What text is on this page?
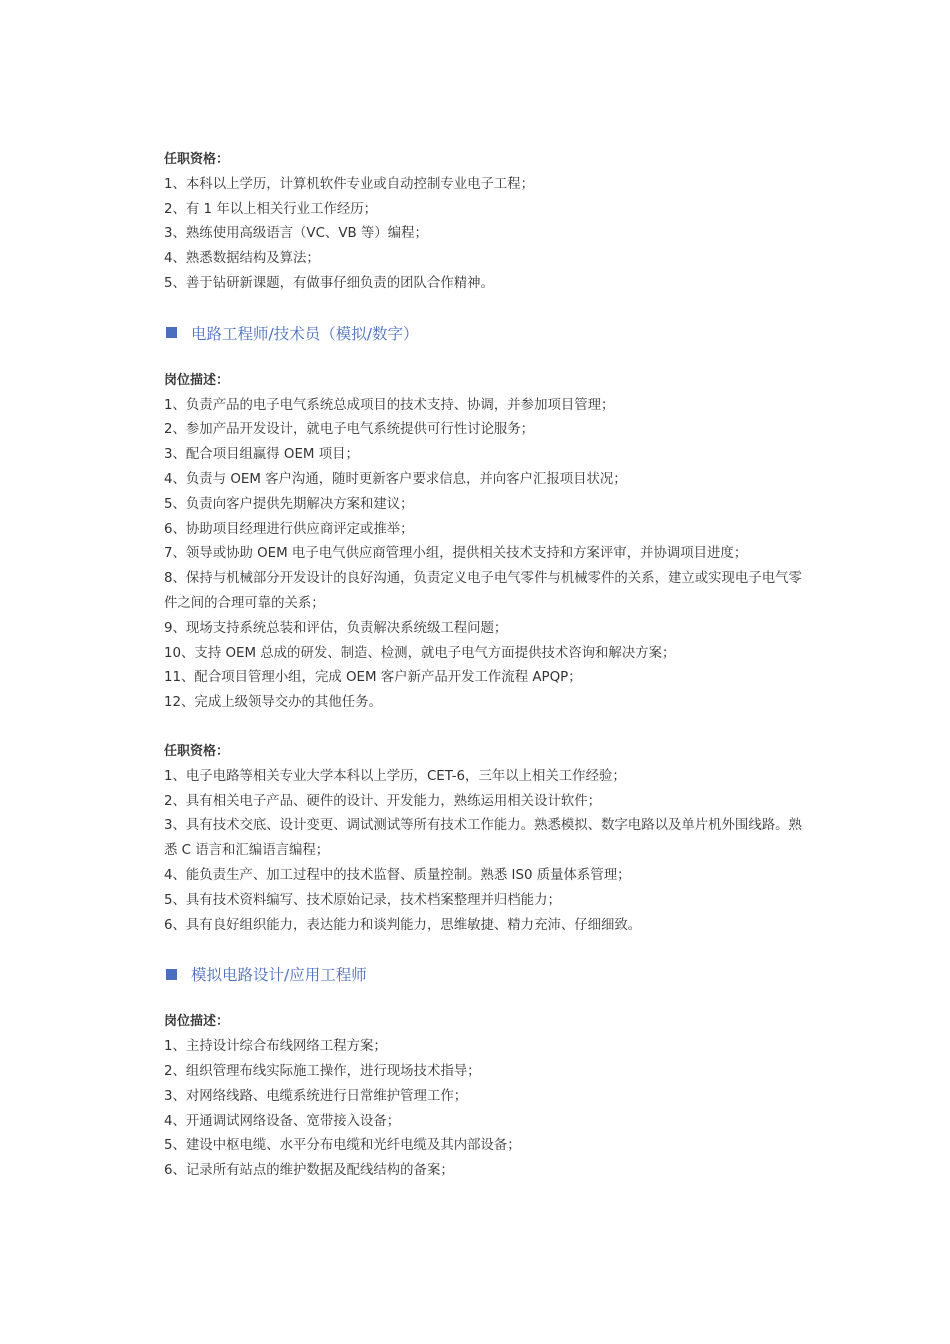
任职资格：
1、本科以上学历，计算机软件专业或自动控制专业电子工程；
2、有 1 年以上相关行业工作经历；
3、熟练使用高级语言（VC、VB 等）编程；
4、熟悉数据结构及算法；
5、善于钻研新课题，有做事仔细负责的团队合作精神。
电路工程师/技术员（模拟/数字）
岗位描述：
1、负责产品的电子电气系统总成项目的技术支持、协调，并参加项目管理；
2、参加产品开发设计，就电子电气系统提供可行性讨论服务；
3、配合项目组赢得 OEM 项目；
4、负责与 OEM 客户沟通，随时更新客户要求信息，并向客户汇报项目状况；
5、负责向客户提供先期解决方案和建议；
6、协助项目经理进行供应商评定或推举；
7、领导或协助 OEM 电子电气供应商管理小组，提供相关技术支持和方案评审，并协调项目进度；
8、保持与机械部分开发设计的良好沟通，负责定义电子电气零件与机械零件的关系，建立或实现电子电气零件之间的合理可靠的关系；
9、现场支持系统总装和评估，负责解决系统级工程问题；
10、支持 OEM 总成的研发、制造、检测，就电子电气方面提供技术咨询和解决方案；
11、配合项目管理小组，完成 OEM 客户新产品开发工作流程 APQP；
12、完成上级领导交办的其他任务。
任职资格：
1、电子电路等相关专业大学本科以上学历，CET-6，三年以上相关工作经验；
2、具有相关电子产品、硬件的设计、开发能力，熟练运用相关设计软件；
3、具有技术交底、设计变更、调试测试等所有技术工作能力。熟悉模拟、数字电路以及单片机外围线路。熟悉 C 语言和汇编语言编程；
4、能负责生产、加工过程中的技术监督、质量控制。熟悉 IS0 质量体系管理；
5、具有技术资料编写、技术原始记录，技术档案整理并归档能力；
6、具有良好组织能力，表达能力和谈判能力，思维敏捷、精力充沛、仔细细致。
模拟电路设计/应用工程师
岗位描述：
1、主持设计综合布线网络工程方案；
2、组织管理布线实际施工操作，进行现场技术指导；
3、对网络线路、电缆系统进行日常维护管理工作；
4、开通调试网络设备、宽带接入设备；
5、建设中枢电缆、水平分布电缆和光纤电缆及其内部设备；
6、记录所有站点的维护数据及配线结构的备案；
